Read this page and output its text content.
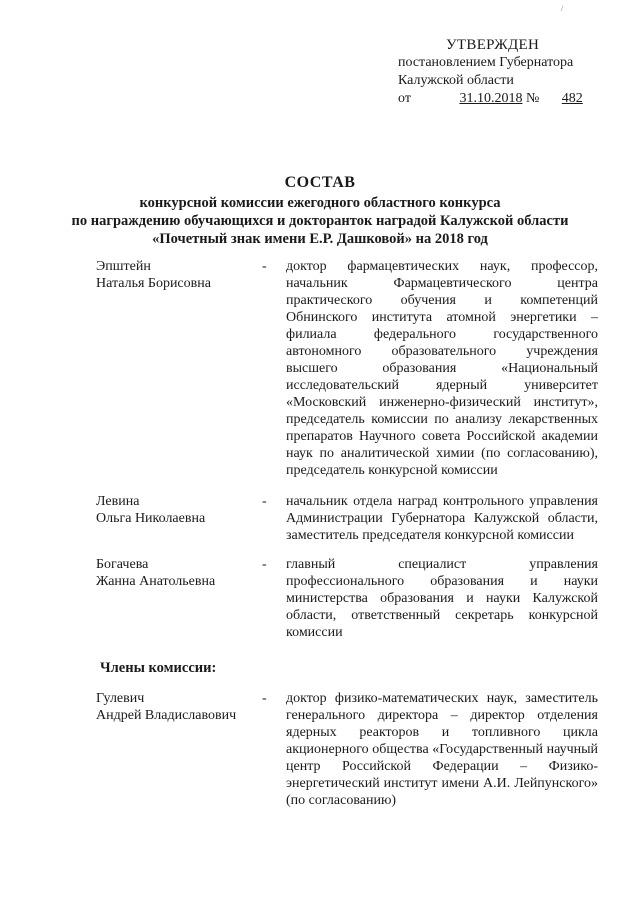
/
УТВЕРЖДЕН
постановлением Губернатора
Калужской области
от	31.10.2018 № 482
СОСТАВ
конкурсной комиссии ежегодного областного конкурса
по награждению обучающихся и докторанток наградой Калужской области
«Почетный знак имени Е.Р. Дашковой» на 2018 год
Эпштейн
Наталья Борисовна
- доктор фармацевтических наук, профессор, начальник Фармацевтического центра практического обучения и компетенций Обнинского института атомной энергетики – филиала федерального государственного автономного образовательного учреждения высшего образования «Национальный исследовательский ядерный университет «Московский инженерно-физический институт», председатель комиссии по анализу лекарственных препаратов Научного совета Российской академии наук по аналитической химии (по согласованию), председатель конкурсной комиссии
Левина
Ольга Николаевна
- начальник отдела наград контрольного управления Администрации Губернатора Калужской области, заместитель председателя конкурсной комиссии
Богачева
Жанна Анатольевна
- главный специалист управления профессионального образования и науки министерства образования и науки Калужской области, ответственный секретарь конкурсной комиссии
Члены комиссии:
Гулевич
Андрей Владиславович
- доктор физико-математических наук, заместитель генерального директора – директор отделения ядерных реакторов и топливного цикла акционерного общества «Государственный научный центр Российской Федерации – Физико-энергетический институт имени А.И. Лейпунского» (по согласованию)
